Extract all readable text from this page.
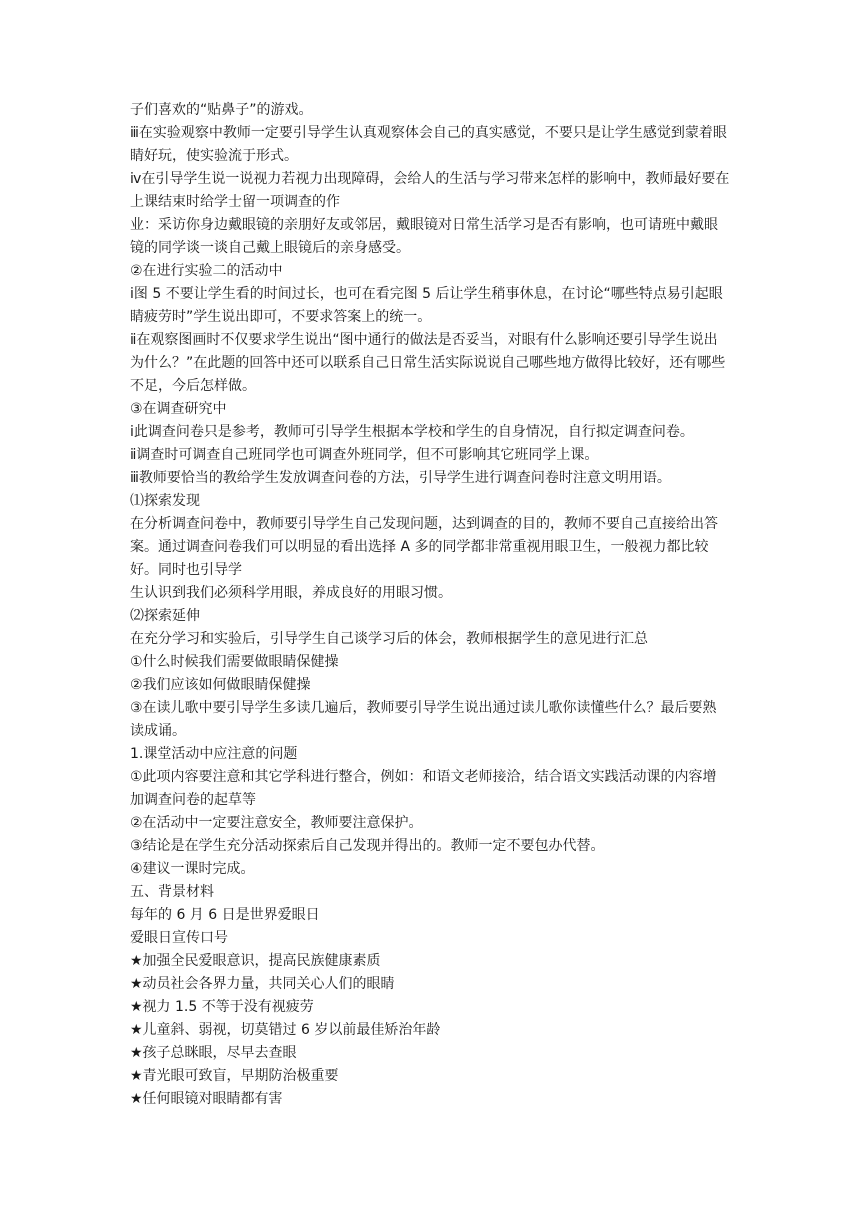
子们喜欢的“贴鼻子”的游戏。

ⅲ在实验观察中教师一定要引导学生认真观察体会自己的真实感觉，不要只是让学生感觉到蒙着眼睛好玩，使实验流于形式。

ⅳ在引导学生说一说视力若视力出现障碍，会给人的生活与学习带来怎样的影响中，教师最好要在上课结束时给学士留一项调查的作

业：采访你身边戴眼镜的亲朋好友或邻居，戴眼镜对日常生活学习是否有影响，也可请班中戴眼镜的同学谈一谈自己戴上眼镜后的亲身感受。

②在进行实验二的活动中

ⅰ图 5 不要让学生看的时间过长，也可在看完图 5 后让学生稍事休息，在讨论“哪些特点易引起眼睛疲劳时”学生说出即可，不要求答案上的统一。

ⅱ在观察图画时不仅要求学生说出“图中通行的做法是否妥当，对眼有什么影响还要引导学生说出为什么？”在此题的回答中还可以联系自己日常生活实际说说自己哪些地方做得比较好，还有哪些不足，今后怎样做。

③在调查研究中

ⅰ此调查问卷只是参考，教师可引导学生根据本学校和学生的自身情况，自行拟定调查问卷。

ⅱ调查时可调查自己班同学也可调查外班同学，但不可影响其它班同学上课。

ⅲ教师要恰当的教给学生发放调查问卷的方法，引导学生进行调查问卷时注意文明用语。

⑴探索发现

在分析调查问卷中，教师要引导学生自己发现问题，达到调查的目的，教师不要自己直接给出答案。通过调查问卷我们可以明显的看出选择 A 多的同学都非常重视用眼卫生，一般视力都比较好。同时也引导学

生认识到我们必须科学用眼，养成良好的用眼习惯。

⑵探索延伸

在充分学习和实验后，引导学生自己谈学习后的体会，教师根据学生的意见进行汇总

①什么时候我们需要做眼睛保健操

②我们应该如何做眼睛保健操

③在读儿歌中要引导学生多读几遍后，教师要引导学生说出通过读儿歌你读懂些什么？最后要熟读成诵。

1.课堂活动中应注意的问题

①此项内容要注意和其它学科进行整合，例如：和语文老师接洽，结合语文实践活动课的内容增加调查问卷的起草等

②在活动中一定要注意安全，教师要注意保护。

③结论是在学生充分活动探索后自己发现并得出的。教师一定不要包办代替。

④建议一课时完成。

五、背景材料

每年的 6 月 6 日是世界爱眼日

爱眼日宣传口号

★加强全民爱眼意识，提高民族健康素质

★动员社会各界力量，共同关心人们的眼睛

★视力 1.5 不等于没有视疲劳

★儿童斜、弱视，切莫错过 6 岁以前最佳矫治年龄

★孩子总眯眼，尽早去查眼

★青光眼可致盲，早期防治极重要

★任何眼镜对眼睛都有害
